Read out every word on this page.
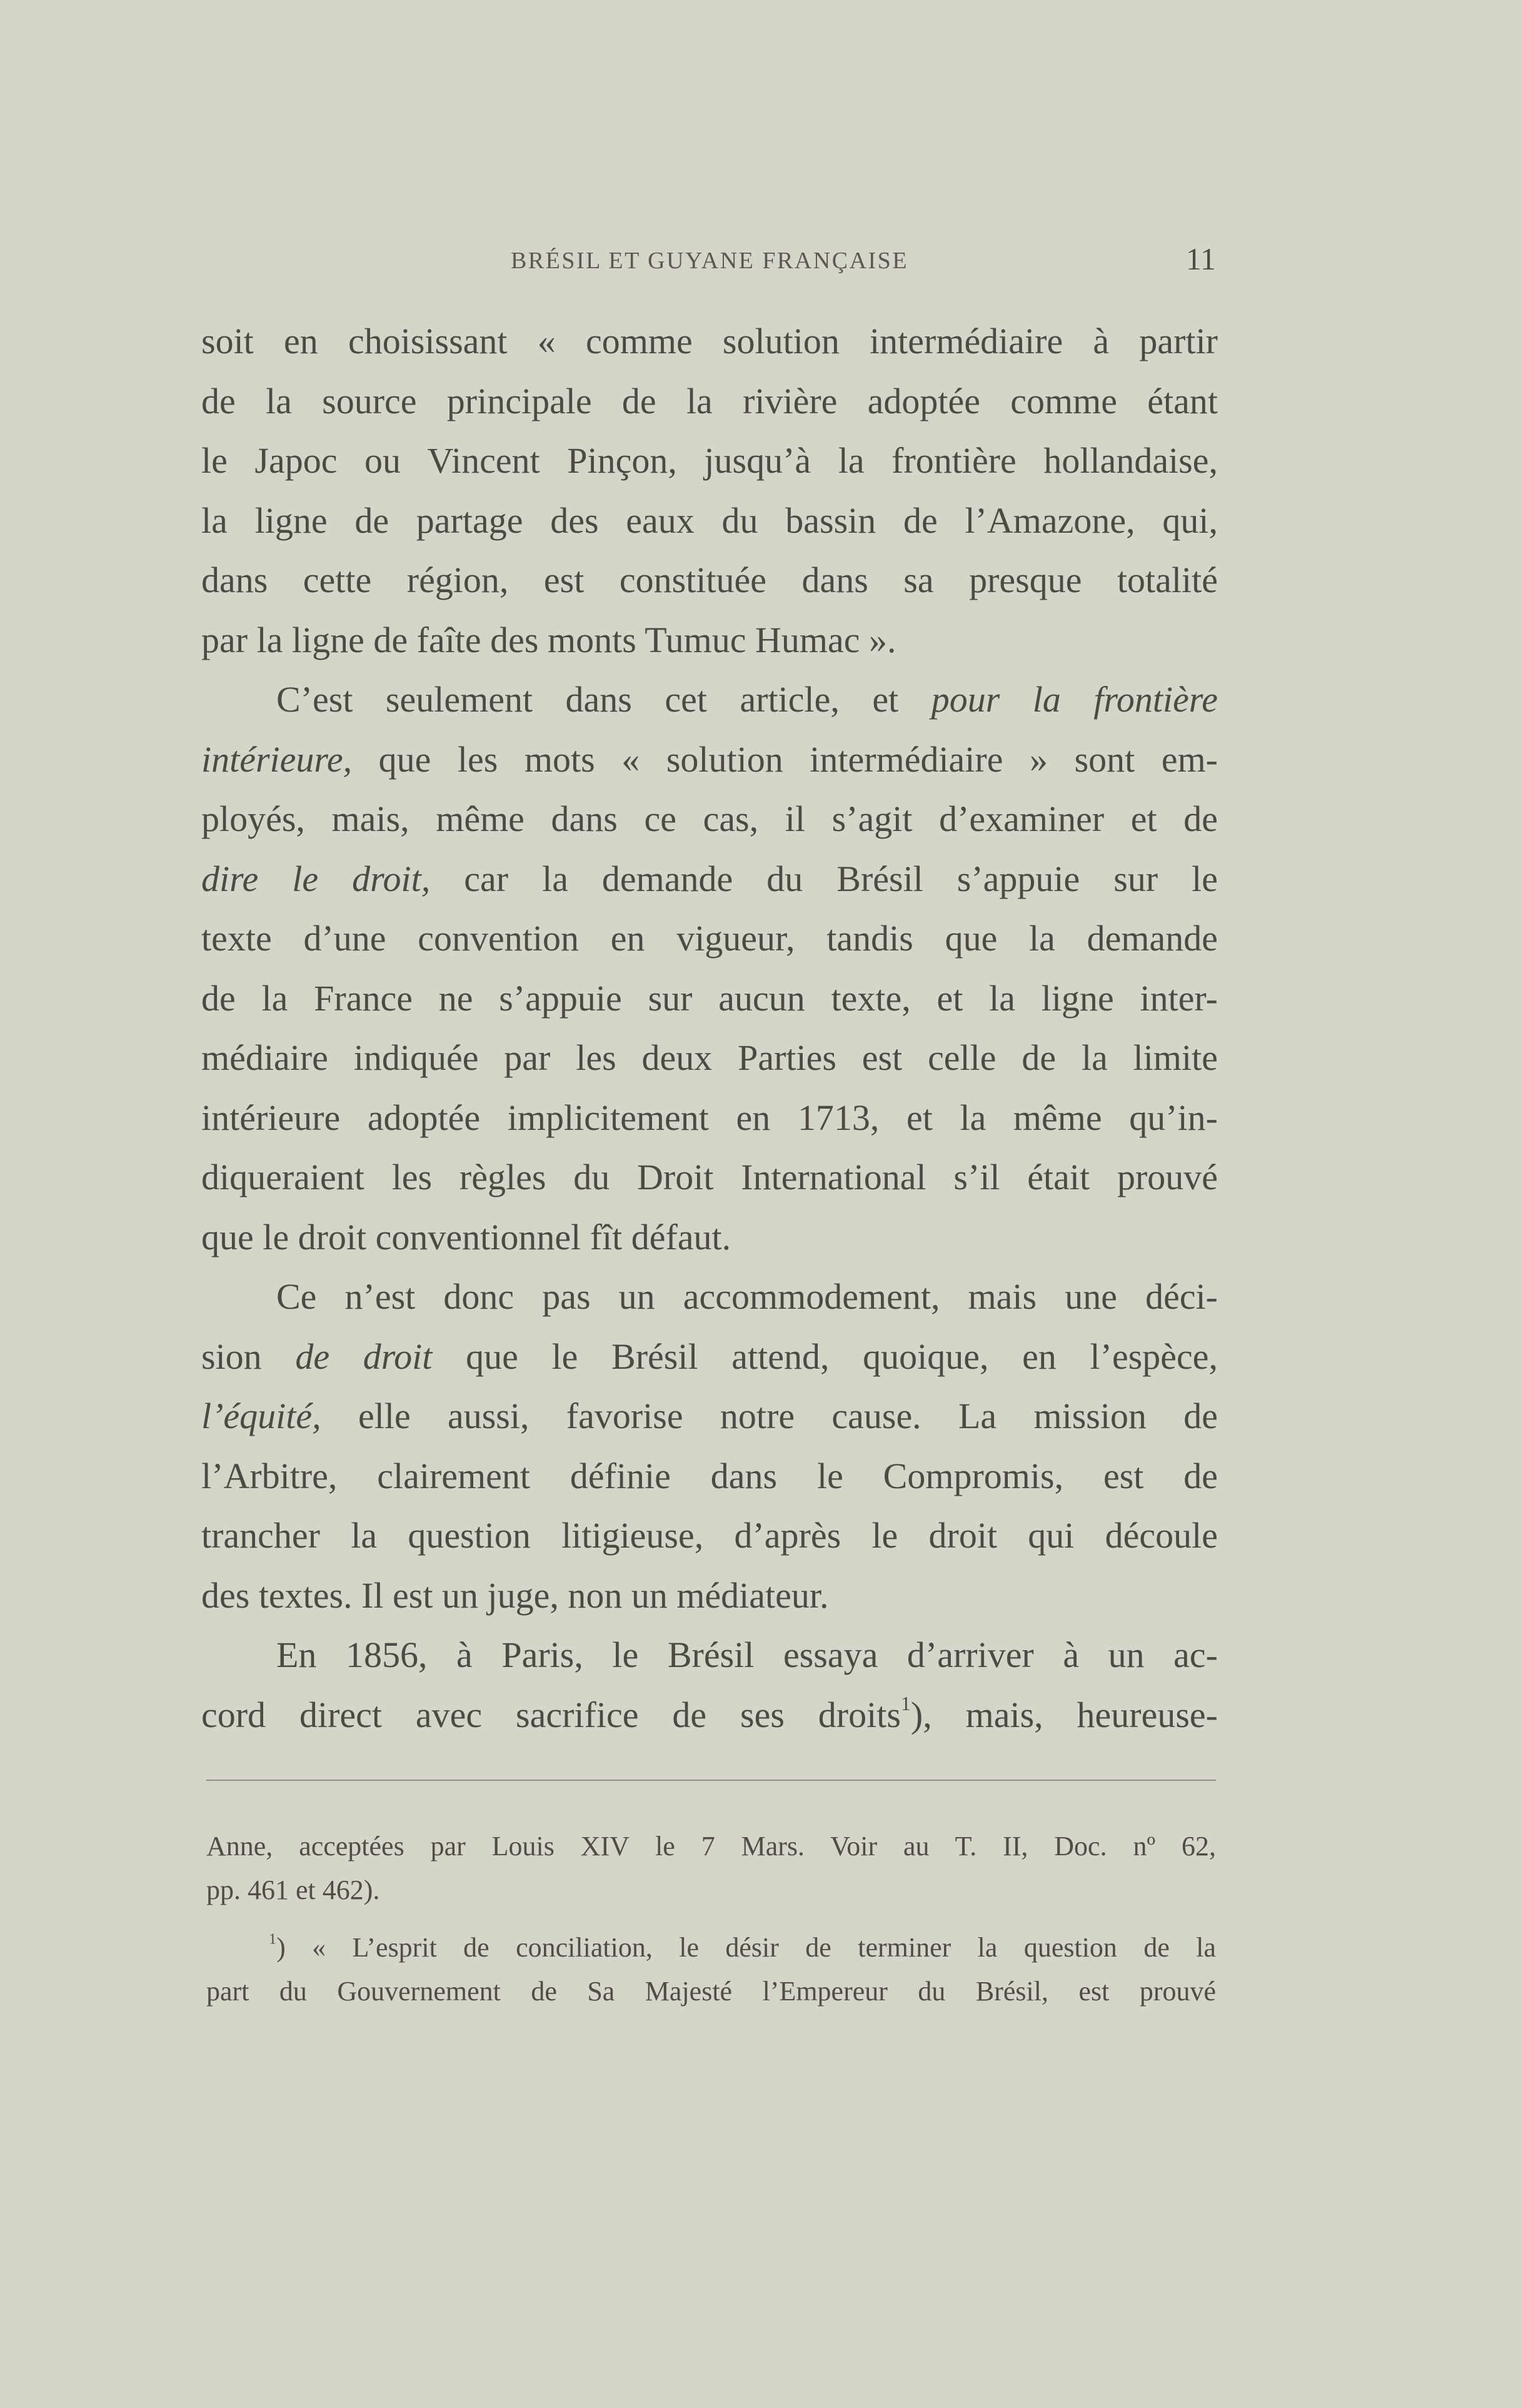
BRÉSIL ET GUYANE FRANÇAISE	11
soit en choisissant « comme solution intermédiaire à partir
de la source principale de la rivière adoptée comme étant
le Japoc ou Vincent Pinçon, jusqu’à la frontière hollandaise,
la ligne de partage des eaux du bassin de l’Amazone, qui,
dans cette région, est constituée dans sa presque totalité
par la ligne de faîte des monts Tumuc Humac ».
C’est seulement dans cet article, et pour la frontière
intérieure, que les mots « solution intermédiaire » sont em-
ployés, mais, même dans ce cas, il s’agit d’examiner et de
dire le droit, car la demande du Brésil s’appuie sur le
texte d’une convention en vigueur, tandis que la demande
de la France ne s’appuie sur aucun texte, et la ligne inter-
médiaire indiquée par les deux Parties est celle de la limite
intérieure adoptée implicitement en 1713, et la même qu’in-
diqueraient les règles du Droit International s’il était prouvé
que le droit conventionnel fît défaut.
Ce n’est donc pas un accommodement, mais une déci-
sion de droit que le Brésil attend, quoique, en l’espèce,
l’équité, elle aussi, favorise notre cause. La mission de
l’Arbitre, clairement définie dans le Compromis, est de
trancher la question litigieuse, d’après le droit qui découle
des textes. Il est un juge, non un médiateur.
En 1856, à Paris, le Brésil essaya d’arriver à un ac-
cord direct avec sacrifice de ses droits$^1$), mais, heureuse-
Anne, acceptées par Louis XIV le 7 Mars. Voir au T. II, Doc. nº 62,
pp. 461 et 462).
$^1$) « L’esprit de conciliation, le désir de terminer la question de la
part du Gouvernement de Sa Majesté l’Empereur du Brésil, est prouvé
